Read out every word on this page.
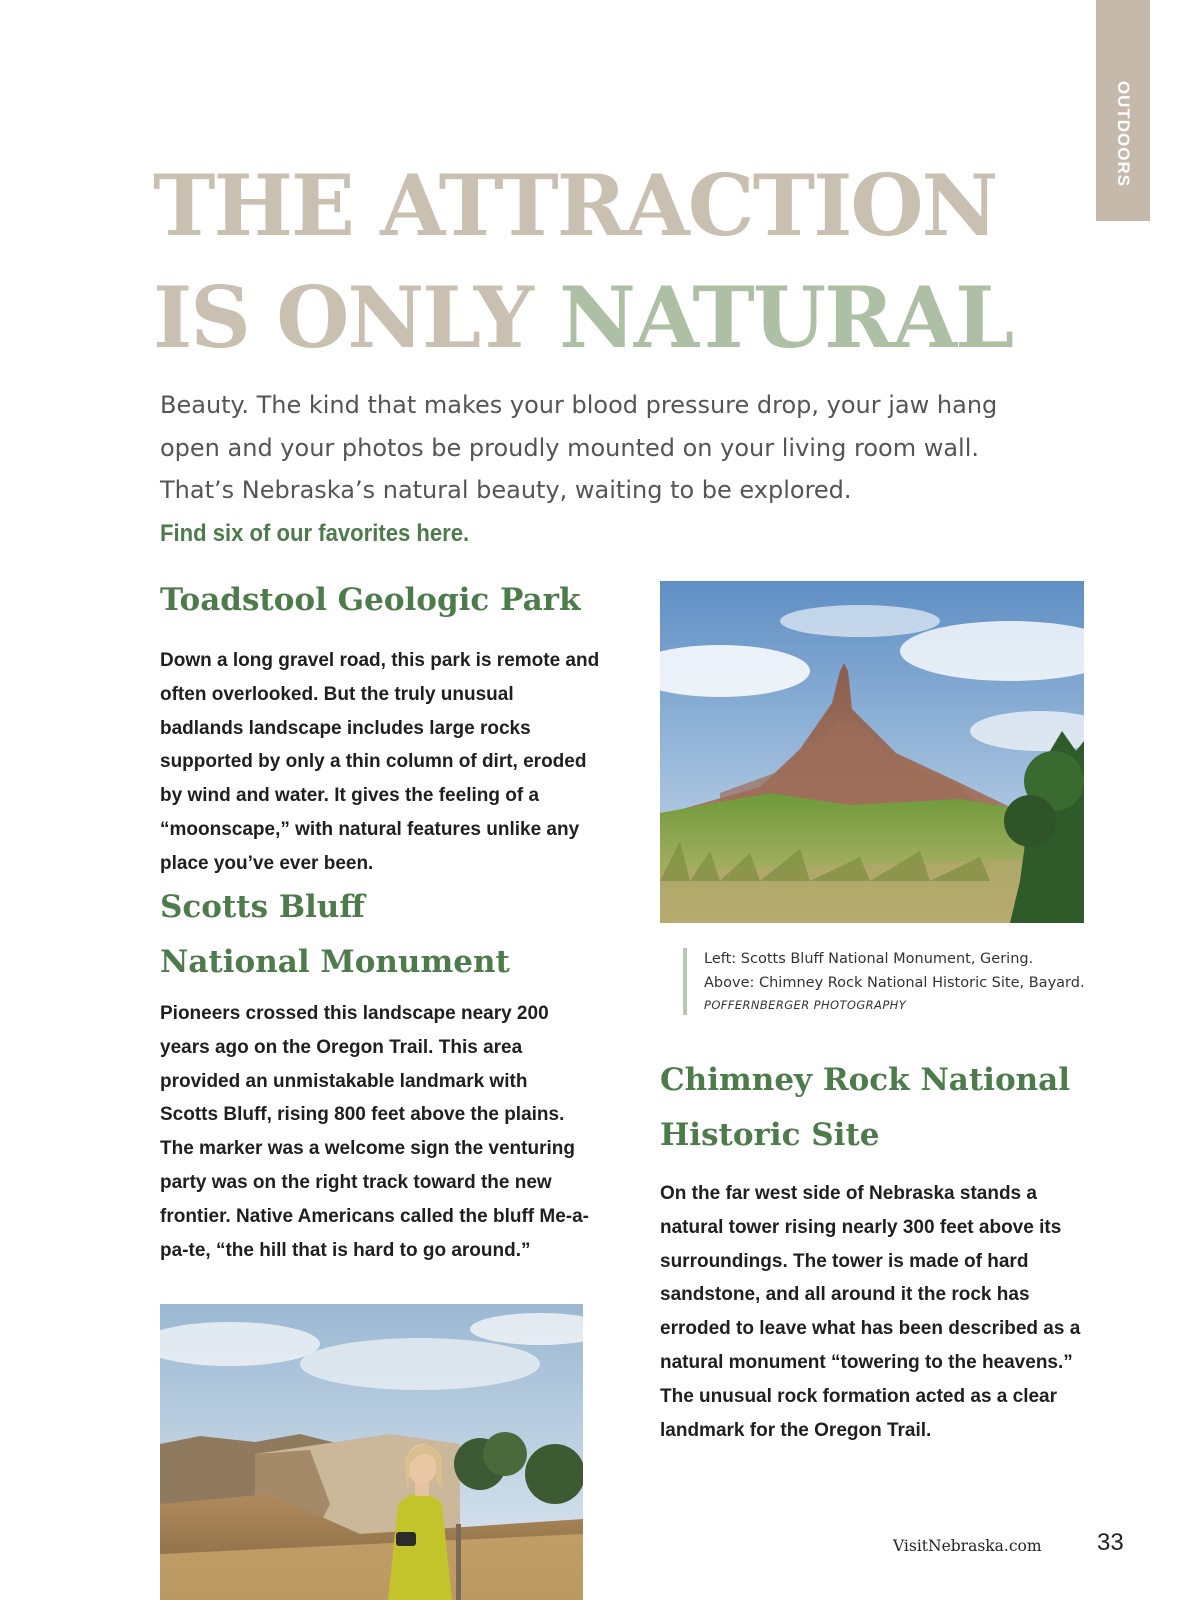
OUTDOORS
THE ATTRACTION
IS ONLY NATURAL

Beauty. The kind that makes your blood pressure drop, your jaw hang open and your photos be proudly mounted on your living room wall. That’s Nebraska’s natural beauty, waiting to be explored. Find six of our favorites here.

Toadstool Geologic Park

Down a long gravel road, this park is remote and often overlooked. But the truly unusual badlands landscape includes large rocks supported by only a thin column of dirt, eroded by wind and water. It gives the feeling of a “moonscape,” with natural features unlike any place you’ve ever been.

Scotts Bluff
National Monument

Pioneers crossed this landscape neary 200 years ago on the Oregon Trail. This area provided an unmistakable landmark with Scotts Bluff, rising 800 feet above the plains. The marker was a welcome sign the venturing party was on the right track toward the new frontier. Native Americans called the bluff Me-a-pa-te, “the hill that is hard to go around.”

Left: Scotts Bluff National Monument, Gering.

Above: Chimney Rock National Historic Site, Bayard.

POFFERNBERGER PHOTOGRAPHY

Chimney Rock National
Historic Site

On the far west side of Nebraska stands a natural tower rising nearly 300 feet above its surroundings. The tower is made of hard sandstone, and all around it the rock has erroded to leave what has been described as a natural monument “towering to the heavens.” The unusual rock formation acted as a clear landmark for the Oregon Trail.

VisitNebraska.com 33
